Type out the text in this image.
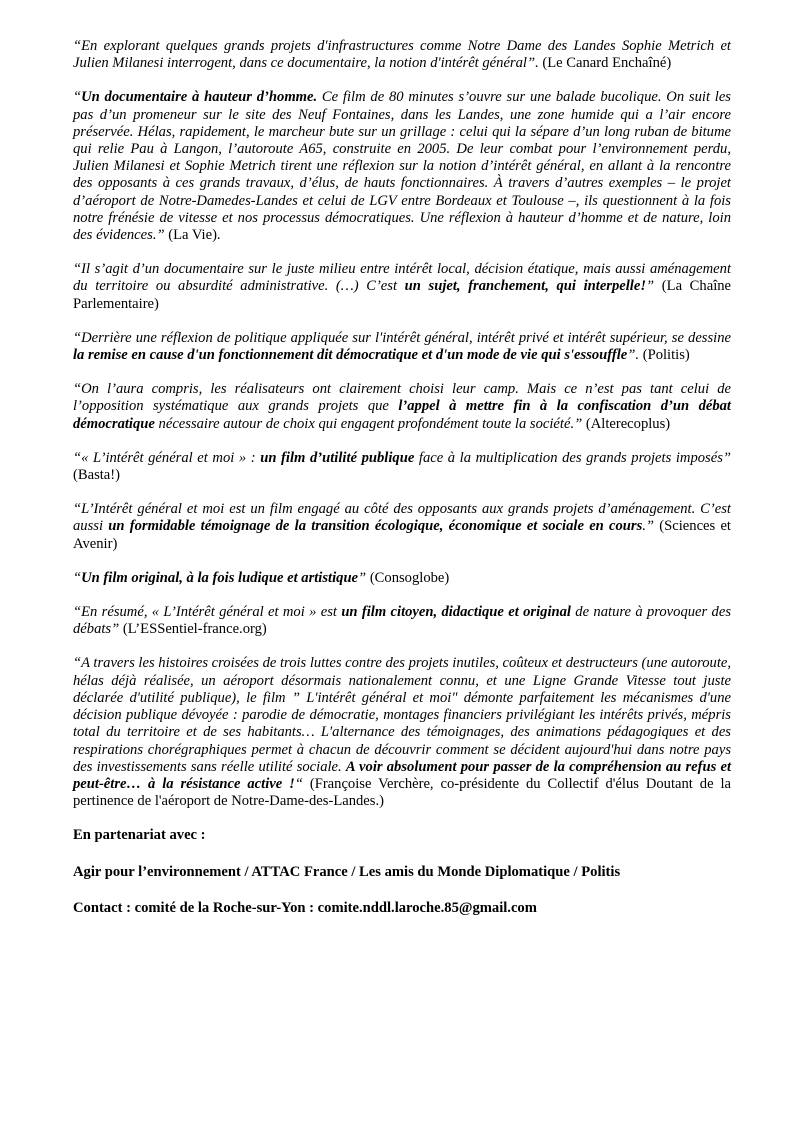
“En explorant quelques grands projets d'infrastructures comme Notre Dame des Landes Sophie Metrich et Julien Milanesi interrogent, dans ce documentaire, la notion d'intérêt général”. (Le Canard Enchaîné)

“Un documentaire à hauteur d’homme. Ce film de 80 minutes s’ouvre sur une balade bucolique. On suit les pas d’un promeneur sur le site des Neuf Fontaines, dans les Landes, une zone humide qui a l’air encore préservée. Hélas, rapidement, le marcheur bute sur un grillage : celui qui la sépare d’un long ruban de bitume qui relie Pau à Langon, l’autoroute A65, construite en 2005. De leur combat pour l’environnement perdu, Julien Milanesi et Sophie Metrich tirent une réflexion sur la notion d’intérêt général, en allant à la rencontre des opposants à ces grands travaux, d’élus, de hauts fonctionnaires. À travers d’autres exemples – le projet d’aéroport de Notre-Damedes-Landes et celui de LGV entre Bordeaux et Toulouse –, ils questionnent à la fois notre frénésie de vitesse et nos processus démocratiques. Une réflexion à hauteur d’homme et de nature, loin des évidences.” (La Vie).

“Il s’agit d’un documentaire sur le juste milieu entre intérêt local, décision étatique, mais aussi aménagement du territoire ou absurdité administrative. (…) C’est un sujet, franchement, qui interpelle!” (La Chaîne Parlementaire)

“Derrière une réflexion de politique appliquée sur l'intérêt général, intérêt privé et intérêt supérieur, se dessine la remise en cause d'un fonctionnement dit démocratique et d'un mode de vie qui s'essouffle”. (Politis)

“On l’aura compris, les réalisateurs ont clairement choisi leur camp. Mais ce n’est pas tant celui de l’opposition systématique aux grands projets que l’appel à mettre fin à la confiscation d’un débat démocratique nécessaire autour de choix qui engagent profondément toute la société.” (Alterecoplus)

“« L’intérêt général et moi » : un film d’utilité publique face à la multiplication des grands projets imposés” (Basta!)

“L’Intérêt général et moi est un film engagé au côté des opposants aux grands projets d’aménagement. C’est aussi un formidable témoignage de la transition écologique, économique et sociale en cours.” (Sciences et Avenir)

“Un film original, à la fois ludique et artistique” (Consoglobe)

“En résumé, « L’Intérêt général et moi » est un film citoyen, didactique et original de nature à provoquer des débats” (L’ESSentiel-france.org)

“A travers les histoires croisées de trois luttes contre des projets inutiles, coûteux et destructeurs (une autoroute, hélas déjà réalisée, un aéroport désormais nationalement connu, et une Ligne Grande Vitesse tout juste déclarée d'utilité publique), le film ” L'intérêt général et moi" démonte parfaitement les mécanismes d'une décision publique dévoyée : parodie de démocratie, montages financiers privilégiant les intérêts privés, mépris total du territoire et de ses habitants… L'alternance des témoignages, des animations pédagogiques et des respirations chorégraphiques permet à chacun de découvrir comment se décident aujourd'hui dans notre pays des investissements sans réelle utilité sociale. A voir absolument pour passer de la compréhension au refus et peut-être… à la résistance active !“ (Françoise Verchère, co-présidente du Collectif d'élus Doutant de la pertinence de l'aéroport de Notre-Dame-des-Landes.)

En partenariat avec :

Agir pour l’environnement / ATTAC France / Les amis du Monde Diplomatique / Politis

Contact : comité de la Roche-sur-Yon : comite.nddl.laroche.85@gmail.com
